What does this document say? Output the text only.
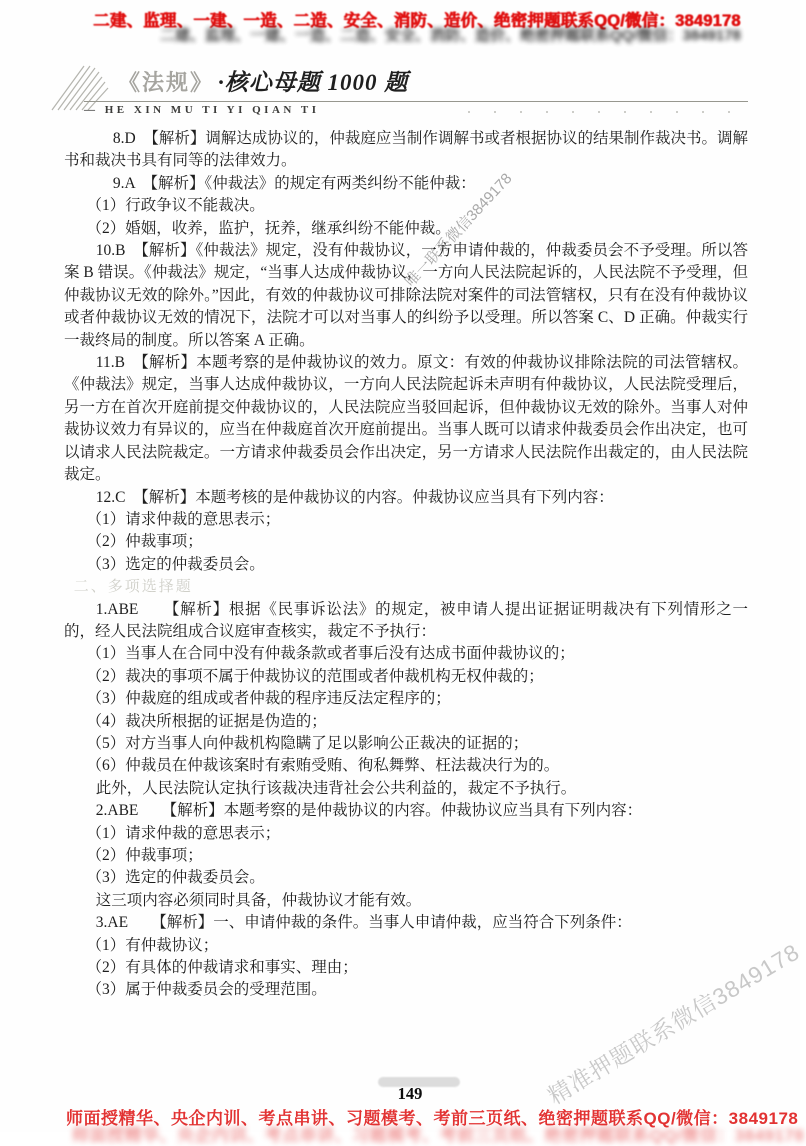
二建、监理、一建、一造、二造、安全、消防、造价、绝密押题联系QQ/微信：3849178
二建、监理、一建、一造、二造、安全、消防、造价、绝密押题联系QQ/微信：3849178
《法规》 ·核心母题 1000 题
— HE XIN MU TI YI QIAN TI

8.D　【解析】调解达成协议的，仲裁庭应当制作调解书或者根据协议的结果制作裁决书。调解书和裁决书具有同等的法律效力。

9.A　【解析】《仲裁法》的规定有两类纠纷不能仲裁：

（1）行政争议不能裁决。

（2）婚姻，收养，监护，抚养，继承纠纷不能仲裁。

10.B　【解析】《仲裁法》规定，没有仲裁协议，一方申请仲裁的，仲裁委员会不予受理。所以答案 B 错误。《仲裁法》规定，“当事人达成仲裁协议，一方向人民法院起诉的，人民法院不予受理，但仲裁协议无效的除外。”因此，有效的仲裁协议可排除法院对案件的司法管辖权，只有在没有仲裁协议或者仲裁协议无效的情况下，法院才可以对当事人的纠纷予以受理。所以答案 C、D 正确。仲裁实行一裁终局的制度。所以答案 A 正确。

11.B　【解析】本题考察的是仲裁协议的效力。原文：有效的仲裁协议排除法院的司法管辖权。《仲裁法》规定，当事人达成仲裁协议，一方向人民法院起诉未声明有仲裁协议，人民法院受理后，另一方在首次开庭前提交仲裁协议的，人民法院应当驳回起诉，但仲裁协议无效的除外。当事人对仲裁协议效力有异议的，应当在仲裁庭首次开庭前提出。当事人既可以请求仲裁委员会作出决定，也可以请求人民法院裁定。一方请求仲裁委员会作出决定，另一方请求人民法院作出裁定的，由人民法院裁定。

12.C　【解析】本题考核的是仲裁协议的内容。仲裁协议应当具有下列内容：

（1）请求仲裁的意思表示；

（2）仲裁事项；

（3）选定的仲裁委员会。

二、多项选择题

1.ABE　　【解析】根据《民事诉讼法》的规定，被申请人提出证据证明裁决有下列情形之一的，经人民法院组成合议庭审查核实，裁定不予执行：

（1）当事人在合同中没有仲裁条款或者事后没有达成书面仲裁协议的；

（2）裁决的事项不属于仲裁协议的范围或者仲裁机构无权仲裁的；

（3）仲裁庭的组成或者仲裁的程序违反法定程序的；

（4）裁决所根据的证据是伪造的；

（5）对方当事人向仲裁机构隐瞒了足以影响公正裁决的证据的；

（6）仲裁员在仲裁该案时有索贿受贿、徇私舞弊、枉法裁决行为的。

此外，人民法院认定执行该裁决违背社会公共利益的，裁定不予执行。

2.ABE　　【解析】本题考察的是仲裁协议的内容。仲裁协议应当具有下列内容：

（1）请求仲裁的意思表示；

（2）仲裁事项；

（3）选定的仲裁委员会。

这三项内容必须同时具备，仲裁协议才能有效。

3.AE　　【解析】一、申请仲裁的条件。当事人申请仲裁，应当符合下列条件：

（1）有仲裁协议；

（2）有具体的仲裁请求和事实、理由；

（3）属于仲裁委员会的受理范围。

唯一联系微信3849178
精准押题联系微信3849178
149
师面授精华、央企内训、考点串讲、习题模考、考前三页纸、绝密押题联系QQ/微信：3849178
师面授精华、央企内训、考点串讲、习题模考、考前三页纸、绝密押题联系QQ/微信：3849178
